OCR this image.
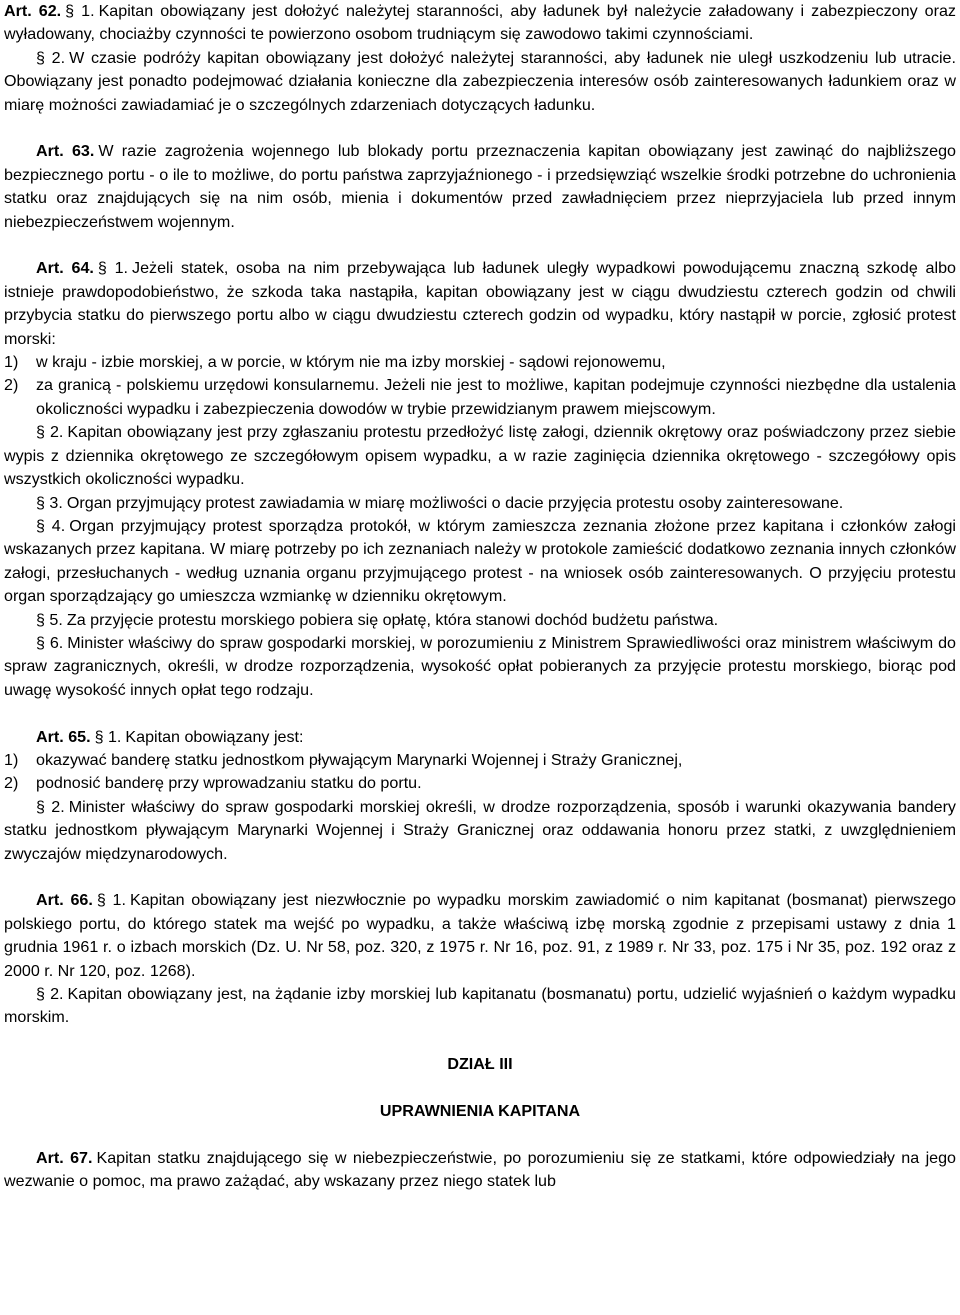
Art. 62. § 1. Kapitan obowiązany jest dołożyć należytej staranności, aby ładunek był należycie załadowany i zabezpieczony oraz wyładowany, chociażby czynności te powierzono osobom trudniącym się zawodowo takimi czynnościami.

§ 2. W czasie podróży kapitan obowiązany jest dołożyć należytej staranności, aby ładunek nie uległ uszkodzeniu lub utracie. Obowiązany jest ponadto podejmować działania konieczne dla zabezpieczenia interesów osób zainteresowanych ładunkiem oraz w miarę możności zawiadamiać je o szczególnych zdarzeniach dotyczących ładunku.

Art. 63. W razie zagrożenia wojennego lub blokady portu przeznaczenia kapitan obowiązany jest zawinąć do najbliższego bezpiecznego portu - o ile to możliwe, do portu państwa zaprzyjaźnionego - i przedsięwziąć wszelkie środki potrzebne do uchronienia statku oraz znajdujących się na nim osób, mienia i dokumentów przed zawładnięciem przez nieprzyjaciela lub przed innym niebezpieczeństwem wojennym.

Art. 64. § 1. Jeżeli statek, osoba na nim przebywająca lub ładunek uległy wypadkowi powodującemu znaczną szkodę albo istnieje prawdopodobieństwo, że szkoda taka nastąpiła, kapitan obowiązany jest w ciągu dwudziestu czterech godzin od chwili przybycia statku do pierwszego portu albo w ciągu dwudziestu czterech godzin od wypadku, który nastąpił w porcie, zgłosić protest morski:

1) w kraju - izbie morskiej, a w porcie, w którym nie ma izby morskiej - sądowi rejonowemu,

2) za granicą - polskiemu urzędowi konsularnemu. Jeżeli nie jest to możliwe, kapitan podejmuje czynności niezbędne dla ustalenia okoliczności wypadku i zabezpieczenia dowodów w trybie przewidzianym prawem miejscowym.

§ 2. Kapitan obowiązany jest przy zgłaszaniu protestu przedłożyć listę załogi, dziennik okrętowy oraz poświadczony przez siebie wypis z dziennika okrętowego ze szczegółowym opisem wypadku, a w razie zaginięcia dziennika okrętowego - szczegółowy opis wszystkich okoliczności wypadku.

§ 3. Organ przyjmujący protest zawiadamia w miarę możliwości o dacie przyjęcia protestu osoby zainteresowane.

§ 4. Organ przyjmujący protest sporządza protokół, w którym zamieszcza zeznania złożone przez kapitana i członków załogi wskazanych przez kapitana. W miarę potrzeby po ich zeznaniach należy w protokole zamieścić dodatkowo zeznania innych członków załogi, przesłuchanych - według uznania organu przyjmującego protest - na wniosek osób zainteresowanych. O przyjęciu protestu organ sporządzający go umieszcza wzmiankę w dzienniku okrętowym.

§ 5. Za przyjęcie protestu morskiego pobiera się opłatę, która stanowi dochód budżetu państwa.

§ 6. Minister właściwy do spraw gospodarki morskiej, w porozumieniu z Ministrem Sprawiedliwości oraz ministrem właściwym do spraw zagranicznych, określi, w drodze rozporządzenia, wysokość opłat pobieranych za przyjęcie protestu morskiego, biorąc pod uwagę wysokość innych opłat tego rodzaju.

Art. 65. § 1. Kapitan obowiązany jest:

1) okazywać banderę statku jednostkom pływającym Marynarki Wojennej i Straży Granicznej,

2) podnosić banderę przy wprowadzaniu statku do portu.

§ 2. Minister właściwy do spraw gospodarki morskiej określi, w drodze rozporządzenia, sposób i warunki okazywania bandery statku jednostkom pływającym Marynarki Wojennej i Straży Granicznej oraz oddawania honoru przez statki, z uwzględnieniem zwyczajów międzynarodowych.

Art. 66. § 1. Kapitan obowiązany jest niezwłocznie po wypadku morskim zawiadomić o nim kapitanat (bosmanat) pierwszego polskiego portu, do którego statek ma wejść po wypadku, a także właściwą izbę morską zgodnie z przepisami ustawy z dnia 1 grudnia 1961 r. o izbach morskich (Dz. U. Nr 58, poz. 320, z 1975 r. Nr 16, poz. 91, z 1989 r. Nr 33, poz. 175 i Nr 35, poz. 192 oraz z 2000 r. Nr 120, poz. 1268).

§ 2. Kapitan obowiązany jest, na żądanie izby morskiej lub kapitanatu (bosmanatu) portu, udzielić wyjaśnień o każdym wypadku morskim.

DZIAŁ III

UPRAWNIENIA KAPITANA

Art. 67. Kapitan statku znajdującego się w niebezpieczeństwie, po porozumieniu się ze statkami, które odpowiedziały na jego wezwanie o pomoc, ma prawo zażądać, aby wskazany przez niego statek lub
